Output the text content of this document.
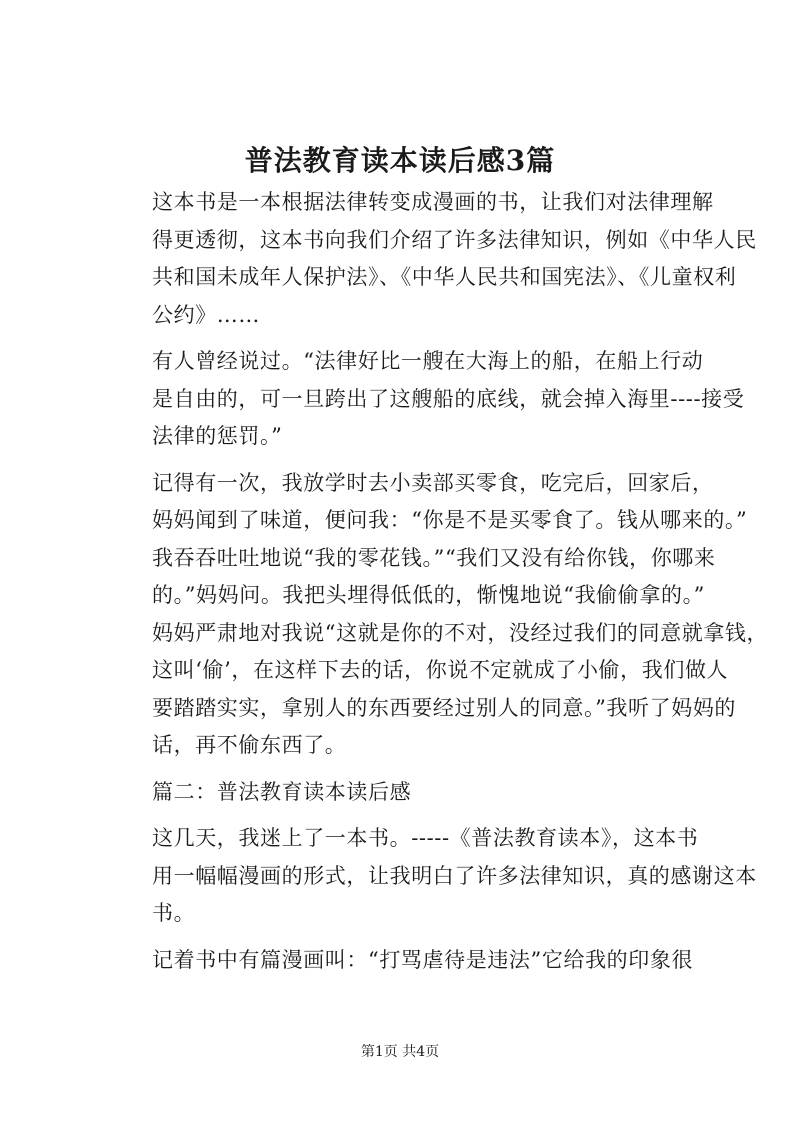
普法教育读本读后感3篇

这本书是一本根据法律转变成漫画的书，让我们对法律理解
得更透彻，这本书向我们介绍了许多法律知识，例如《中华人民
共和国未成年人保护法》、《中华人民共和国宪法》、《儿童权利
公约》……

有人曾经说过。“法律好比一艘在大海上的船，在船上行动
是自由的，可一旦跨出了这艘船的底线，就会掉入海里----接受
法律的惩罚。”

记得有一次，我放学时去小卖部买零食，吃完后，回家后，
妈妈闻到了味道，便问我：“你是不是买零食了。钱从哪来的。”
我吞吞吐吐地说“我的零花钱。”“我们又没有给你钱，你哪来
的。”妈妈问。我把头埋得低低的，惭愧地说“我偷偷拿的。”
妈妈严肃地对我说“这就是你的不对，没经过我们的同意就拿钱，
这叫‘偷’，在这样下去的话，你说不定就成了小偷，我们做人
要踏踏实实，拿别人的东西要经过别人的同意。”我听了妈妈的
话，再不偷东西了。

篇二：普法教育读本读后感

这几天，我迷上了一本书。-----《普法教育读本》，这本书
用一幅幅漫画的形式，让我明白了许多法律知识，真的感谢这本
书。

记着书中有篇漫画叫：“打骂虐待是违法”它给我的印象很

第1页 共4页
